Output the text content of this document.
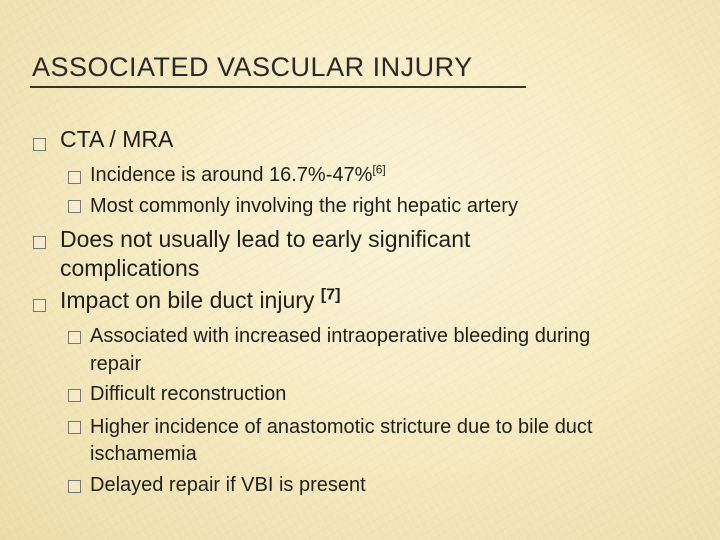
ASSOCIATED VASCULAR INJURY
CTA / MRA
Incidence is around 16.7%-47%[6]
Most commonly involving the right hepatic artery
Does not usually lead to early significant
complications
Impact on bile duct injury [7]
Associated with increased intraoperative bleeding during
repair
Difficult reconstruction
Higher incidence of anastomotic stricture due to bile duct
ischamemia
Delayed repair if VBI is present
